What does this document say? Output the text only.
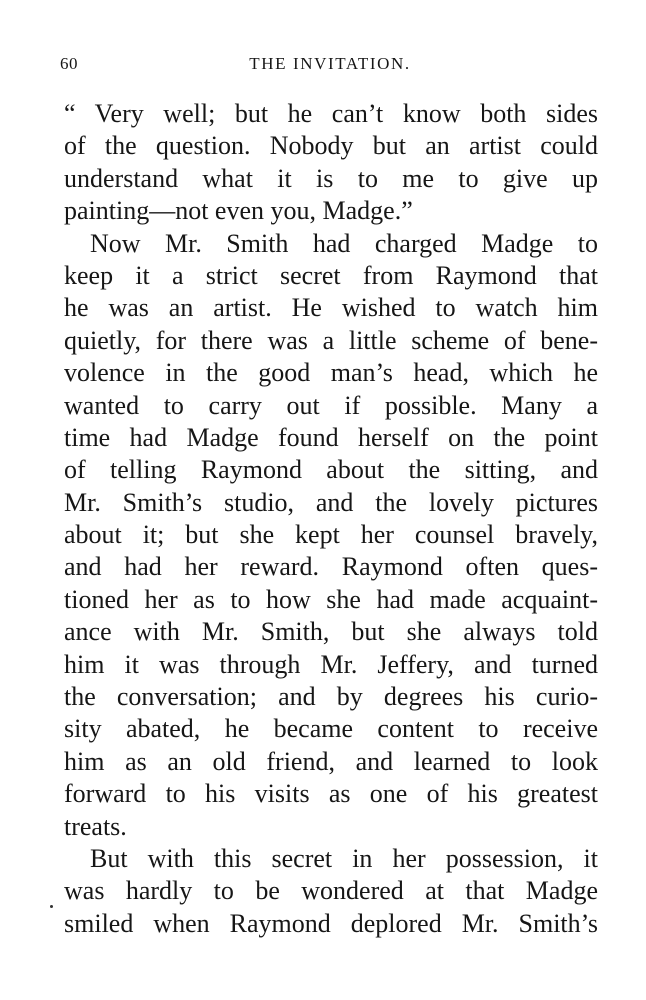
60	THE INVITATION.
“ Very well; but he can’t know both sides
of the question. Nobody but an artist could
understand what it is to me to give up
painting—not even you, Madge.”
Now Mr. Smith had charged Madge to
keep it a strict secret from Raymond that
he was an artist. He wished to watch him
quietly, for there was a little scheme of bene-
volence in the good man’s head, which he
wanted to carry out if possible. Many a
time had Madge found herself on the point
of telling Raymond about the sitting, and
Mr. Smith’s studio, and the lovely pictures
about it; but she kept her counsel bravely,
and had her reward. Raymond often ques-
tioned her as to how she had made acquaint-
ance with Mr. Smith, but she always told
him it was through Mr. Jeffery, and turned
the conversation; and by degrees his curio-
sity abated, he became content to receive
him as an old friend, and learned to look
forward to his visits as one of his greatest
treats.
But with this secret in her possession, it
was hardly to be wondered at that Madge
smiled when Raymond deplored Mr. Smith’s
